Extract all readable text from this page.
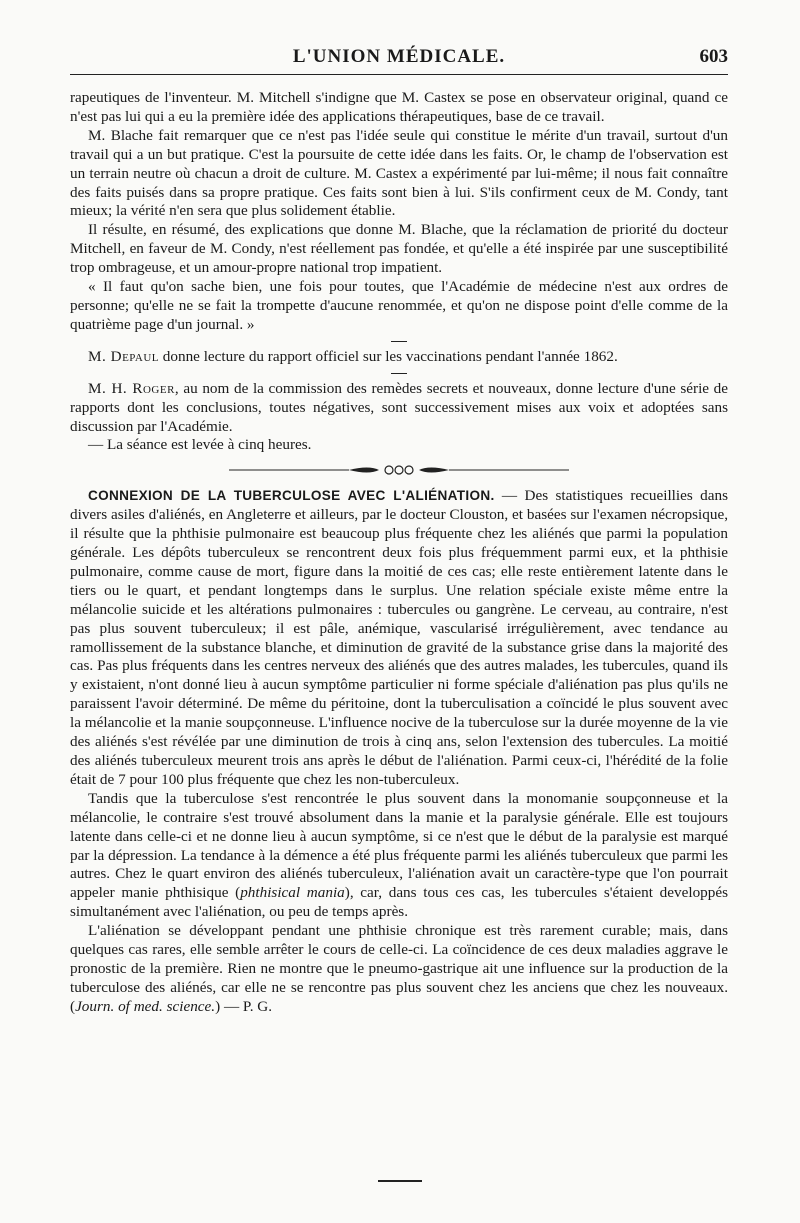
L'UNION MÉDICALE.	603

rapeutiques de l'inventeur. M. Mitchell s'indigne que M. Castex se pose en observateur original, quand ce n'est pas lui qui a eu la première idée des applications thérapeutiques, base de ce travail.

M. Blache fait remarquer que ce n'est pas l'idée seule qui constitue le mérite d'un travail, surtout d'un travail qui a un but pratique. C'est la poursuite de cette idée dans les faits. Or, le champ de l'observation est un terrain neutre où chacun a droit de culture. M. Castex a expérimenté par lui-même; il nous fait connaître des faits puisés dans sa propre pratique. Ces faits sont bien à lui. S'ils confirment ceux de M. Condy, tant mieux; la vérité n'en sera que plus solidement établie.

Il résulte, en résumé, des explications que donne M. Blache, que la réclamation de priorité du docteur Mitchell, en faveur de M. Condy, n'est réellement pas fondée, et qu'elle a été inspirée par une susceptibilité trop ombrageuse, et un amour-propre national trop impatient.

« Il faut qu'on sache bien, une fois pour toutes, que l'Académie de médecine n'est aux ordres de personne; qu'elle ne se fait la trompette d'aucune renommée, et qu'on ne dispose point d'elle comme de la quatrième page d'un journal. »

M. Depaul donne lecture du rapport officiel sur les vaccinations pendant l'année 1862.

M. H. Roger, au nom de la commission des remèdes secrets et nouveaux, donne lecture d'une série de rapports dont les conclusions, toutes négatives, sont successivement mises aux voix et adoptées sans discussion par l'Académie.

— La séance est levée à cinq heures.

CONNEXION DE LA TUBERCULOSE AVEC L'ALIÉNATION. — Des statistiques recueillies dans divers asiles d'aliénés, en Angleterre et ailleurs, par le docteur Clouston, et basées sur l'examen nécropsique, il résulte que la phthisie pulmonaire est beaucoup plus fréquente chez les aliénés que parmi la population générale. Les dépôts tuberculeux se rencontrent deux fois plus fréquemment parmi eux, et la phthisie pulmonaire, comme cause de mort, figure dans la moitié de ces cas; elle reste entièrement latente dans le tiers ou le quart, et pendant longtemps dans le surplus. Une relation spéciale existe même entre la mélancolie suicide et les altérations pulmonaires : tubercules ou gangrène. Le cerveau, au contraire, n'est pas plus souvent tuberculeux; il est pâle, anémique, vascularisé irrégulièrement, avec tendance au ramollissement de la substance blanche, et diminution de gravité de la substance grise dans la majorité des cas. Pas plus fréquents dans les centres nerveux des aliénés que des autres malades, les tubercules, quand ils y existaient, n'ont donné lieu à aucun symptôme particulier ni forme spéciale d'aliénation pas plus qu'ils ne paraissent l'avoir déterminé. De même du péritoine, dont la tuberculisation a coïncidé le plus souvent avec la mélancolie et la manie soupçonneuse. L'influence nocive de la tuberculose sur la durée moyenne de la vie des aliénés s'est révélée par une diminution de trois à cinq ans, selon l'extension des tubercules. La moitié des aliénés tuberculeux meurent trois ans après le début de l'aliénation. Parmi ceux-ci, l'hérédité de la folie était de 7 pour 100 plus fréquente que chez les non-tuberculeux.

Tandis que la tuberculose s'est rencontrée le plus souvent dans la monomanie soupçonneuse et la mélancolie, le contraire s'est trouvé absolument dans la manie et la paralysie générale. Elle est toujours latente dans celle-ci et ne donne lieu à aucun symptôme, si ce n'est que le début de la paralysie est marqué par la dépression. La tendance à la démence a été plus fréquente parmi les aliénés tuberculeux que parmi les autres. Chez le quart environ des aliénés tuberculeux, l'aliénation avait un caractère-type que l'on pourrait appeler manie phthisique (phthisical mania), car, dans tous ces cas, les tubercules s'étaient developpés simultanément avec l'aliénation, ou peu de temps après.

L'aliénation se développant pendant une phthisie chronique est très rarement curable; mais, dans quelques cas rares, elle semble arrêter le cours de celle-ci. La coïncidence de ces deux maladies aggrave le pronostic de la première. Rien ne montre que le pneumo-gastrique ait une influence sur la production de la tuberculose des aliénés, car elle ne se rencontre pas plus souvent chez les anciens que chez les nouveaux. (Journ. of med. science.) — P. G.
